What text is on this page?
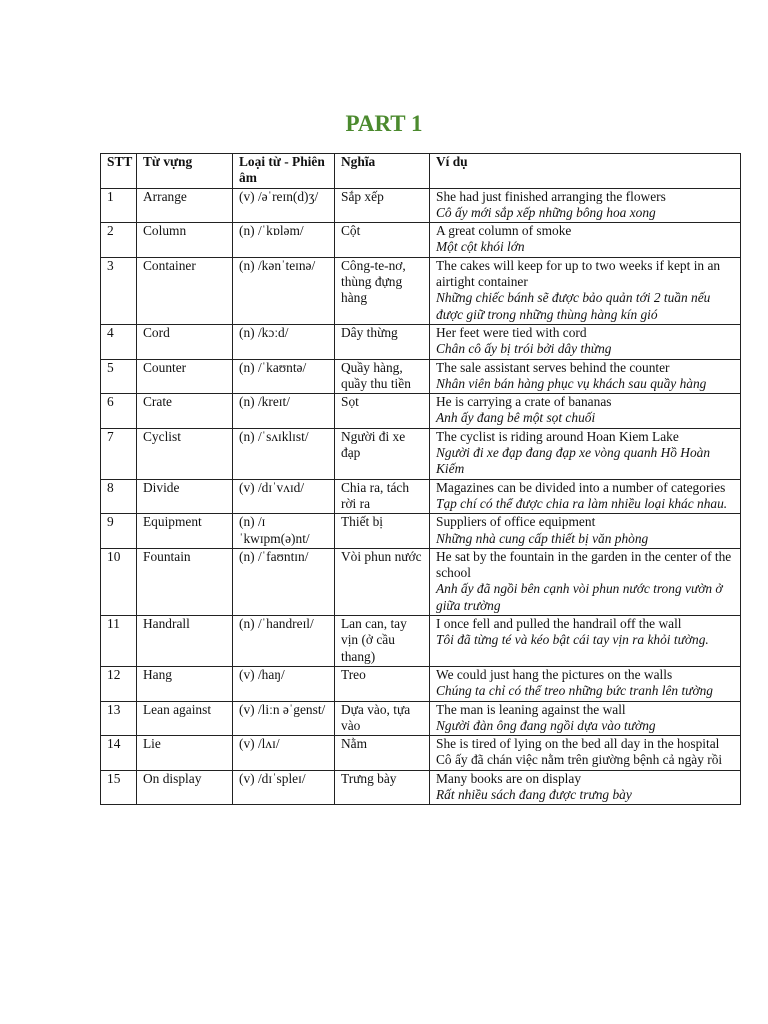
PART 1
STT	Từ vựng	Loại từ - Phiên âm	Nghĩa	Ví dụ
1	Arrange	(v) /əˈreɪn(d)ʒ/	Sắp xếp	She had just finished arranging the flowers
Cô ấy mới sắp xếp những bông hoa xong

2	Column	(n) /ˈkɒləm/	Cột	A great column of smoke
Một cột khói lớn

3	Container	(n) /kənˈteɪnə/	Công-te-nơ, thùng đựng hàng	The cakes will keep for up to two weeks if kept in an airtight container
Những chiếc bánh sẽ được bảo quản tới 2 tuần nếu được giữ trong những thùng hàng kín gió

4	Cord	(n) /kɔːd/	Dây thừng	Her feet were tied with cord
Chân cô ấy bị trói bởi dây thừng

5	Counter	(n) /ˈkaʊntə/	Quầy hàng, quầy thu tiền	The sale assistant serves behind the counter
Nhân viên bán hàng phục vụ khách sau quầy hàng

6	Crate	(n) /kreɪt/	Sọt	He is carrying a crate of bananas
Anh ấy đang bê một sọt chuối

7	Cyclist	(n) /ˈsʌɪklɪst/	Người đi xe đạp	The cyclist is riding around Hoan Kiem Lake
Người đi xe đạp đang đạp xe vòng quanh Hồ Hoàn Kiếm

8	Divide	(v) /dɪˈvʌɪd/	Chia ra, tách rời ra	Magazines can be divided into a number of categories
Tạp chí có thể được chia ra làm nhiều loại khác nhau.

9	Equipment	(n) /ɪˈkwɪpm(ə)nt/	Thiết bị	Suppliers of office equipment
Những nhà cung cấp thiết bị văn phòng

10	Fountain	(n) /ˈfaʊntɪn/	Vòi phun nước	He sat by the fountain in the garden in the center of the school
Anh ấy đã ngồi bên cạnh vòi phun nước trong vườn ở giữa trường

11	Handrall	(n) /ˈhandreɪl/	Lan can, tay vịn (ở cầu thang)	I once fell and pulled the handrail off the wall
Tôi đã từng té và kéo bật cái tay vịn ra khỏi tường.

12	Hang	(v) /haŋ/	Treo	We could just hang the pictures on the walls
Chúng ta chỉ có thể treo những bức tranh lên tường

13	Lean against	(v) /liːn əˈgenst/	Dựa vào, tựa vào	The man is leaning against the wall
Người đàn ông đang ngồi dựa vào tường

14	Lie	(v) /lʌɪ/	Nằm	She is tired of lying on the bed all day in the hospital
Cô ấy đã chán việc nằm trên giường bệnh cả ngày rồi

15	On display	(v) /dɪˈspleɪ/	Trưng bày	Many books are on display
Rất nhiều sách đang được trưng bày
